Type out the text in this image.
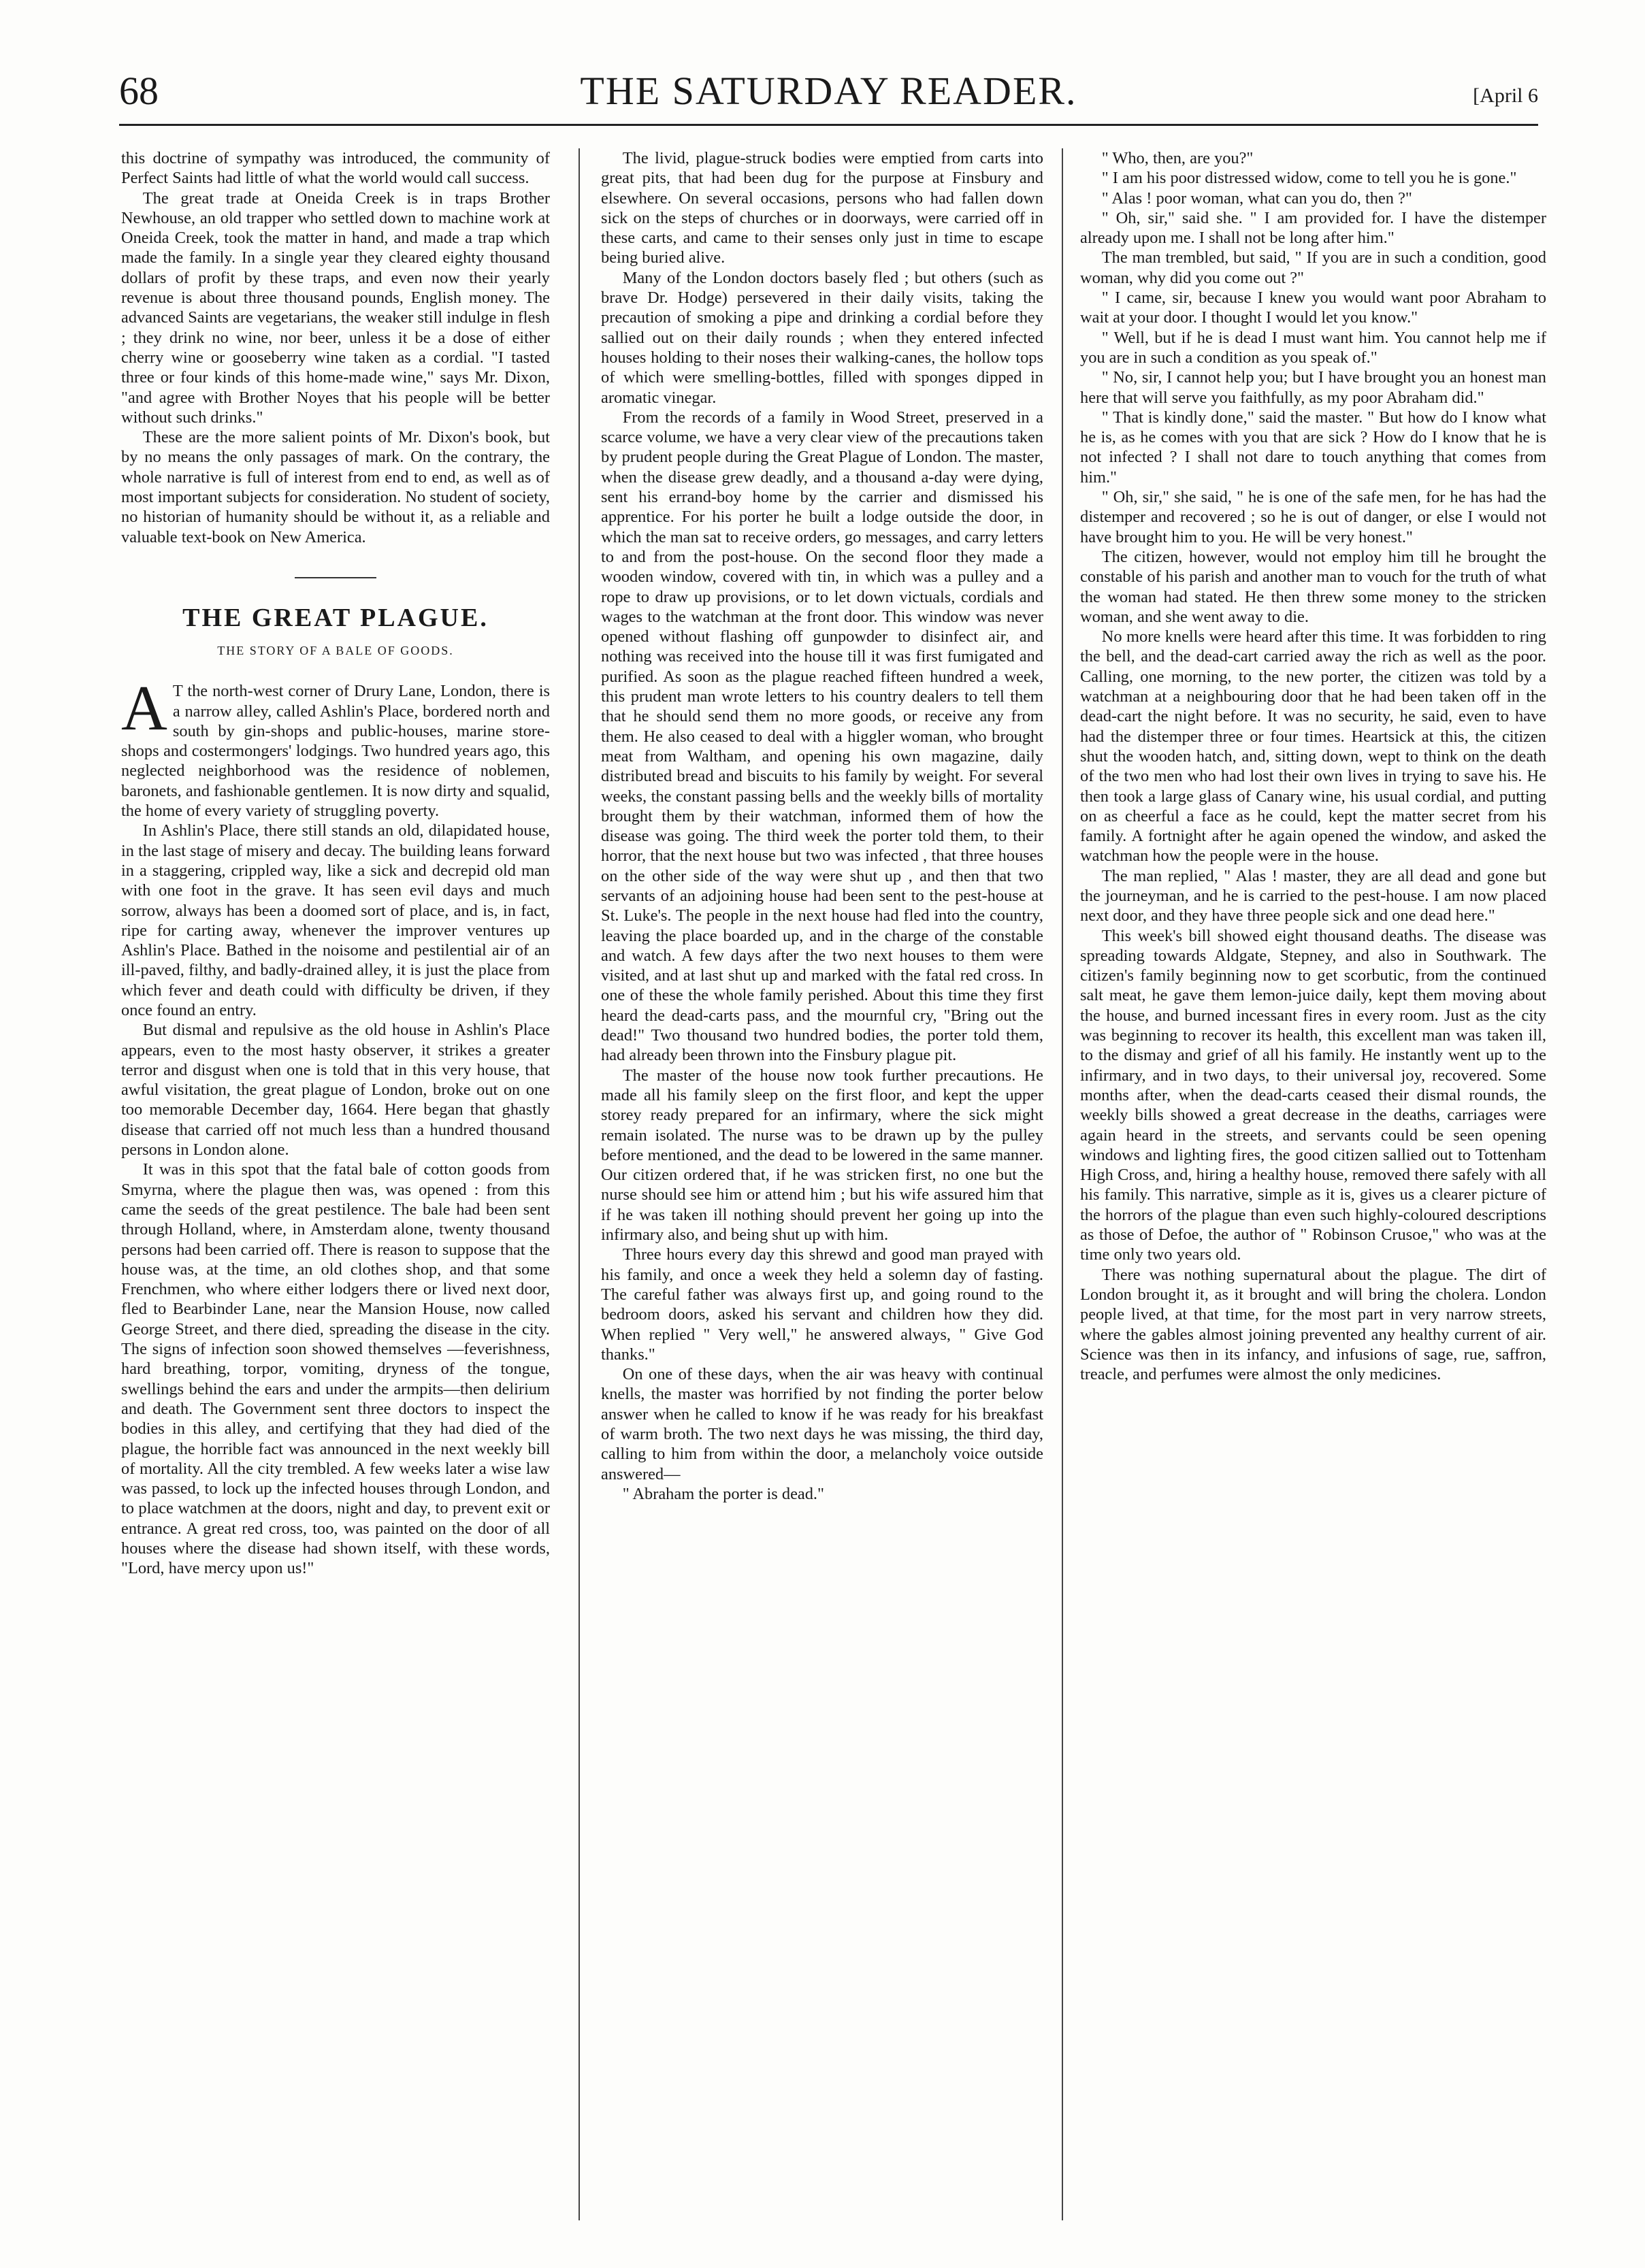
68	THE SATURDAY READER.	[April 6

this doctrine of sympathy was introduced, the community of Perfect Saints had little of what the world would call success.

The great trade at Oneida Creek is in traps Brother Newhouse, an old trapper who settled down to machine work at Oneida Creek, took the matter in hand, and made a trap which made the family. In a single year they cleared eighty thousand dollars of profit by these traps, and even now their yearly revenue is about three thousand pounds, English money. The advanced Saints are vegetarians, the weaker still indulge in flesh ; they drink no wine, nor beer, unless it be a dose of either cherry wine or gooseberry wine taken as a cordial. "I tasted three or four kinds of this home-made wine," says Mr. Dixon, "and agree with Brother Noyes that his people will be better without such drinks."

These are the more salient points of Mr. Dixon's book, but by no means the only passages of mark. On the contrary, the whole narrative is full of interest from end to end, as well as of most important subjects for consideration. No student of society, no historian of humanity should be without it, as a reliable and valuable text-book on New America.

THE GREAT PLAGUE.
THE STORY OF A BALE OF GOODS.

AT the north-west corner of Drury Lane, London, there is a narrow alley, called Ashlin's Place, bordered north and south by gin-shops and public-houses, marine store-shops and costermongers' lodgings. Two hundred years ago, this neglected neighborhood was the residence of noblemen, baronets, and fashionable gentlemen. It is now dirty and squalid, the home of every variety of struggling poverty.

In Ashlin's Place, there still stands an old, dilapidated house, in the last stage of misery and decay. The building leans forward in a staggering, crippled way, like a sick and decrepid old man with one foot in the grave. It has seen evil days and much sorrow, always has been a doomed sort of place, and is, in fact, ripe for carting away, whenever the improver ventures up Ashlin's Place. Bathed in the noisome and pestilential air of an ill-paved, filthy, and badly-drained alley, it is just the place from which fever and death could with difficulty be driven, if they once found an entry.

But dismal and repulsive as the old house in Ashlin's Place appears, even to the most hasty observer, it strikes a greater terror and disgust when one is told that in this very house, that awful visitation, the great plague of London, broke out on one too memorable December day, 1664. Here began that ghastly disease that carried off not much less than a hundred thousand persons in London alone.

It was in this spot that the fatal bale of cotton goods from Smyrna, where the plague then was, was opened : from this came the seeds of the great pestilence. The bale had been sent through Holland, where, in Amsterdam alone, twenty thousand persons had been carried off. There is reason to suppose that the house was, at the time, an old clothes shop, and that some Frenchmen, who where either lodgers there or lived next door, fled to Bearbinder Lane, near the Mansion House, now called George Street, and there died, spreading the disease in the city. The signs of infection soon showed themselves —feverishness, hard breathing, torpor, vomiting, dryness of the tongue, swellings behind the ears and under the armpits—then delirium and death. The Government sent three doctors to inspect the bodies in this alley, and certifying that they had died of the plague, the horrible fact was announced in the next weekly bill of mortality. All the city trembled. A few weeks later a wise law was passed, to lock up the infected houses through London, and to place watchmen at the doors, night and day, to prevent exit or entrance. A great red cross, too, was painted on the door of all houses where the disease had shown itself, with these words, "Lord, have mercy upon us!"

The livid, plague-struck bodies were emptied from carts into great pits, that had been dug for the purpose at Finsbury and elsewhere. On several occasions, persons who had fallen down sick on the steps of churches or in doorways, were carried off in these carts, and came to their senses only just in time to escape being buried alive.

Many of the London doctors basely fled ; but others (such as brave Dr. Hodge) persevered in their daily visits, taking the precaution of smoking a pipe and drinking a cordial before they sallied out on their daily rounds ; when they entered infected houses holding to their noses their walking-canes, the hollow tops of which were smelling-bottles, filled with sponges dipped in aromatic vinegar.

From the records of a family in Wood Street, preserved in a scarce volume, we have a very clear view of the precautions taken by prudent people during the Great Plague of London. The master, when the disease grew deadly, and a thousand a-day were dying, sent his errand-boy home by the carrier and dismissed his apprentice. For his porter he built a lodge outside the door, in which the man sat to receive orders, go messages, and carry letters to and from the post-house. On the second floor they made a wooden window, covered with tin, in which was a pulley and a rope to draw up provisions, or to let down victuals, cordials and wages to the watchman at the front door. This window was never opened without flashing off gunpowder to disinfect air, and nothing was received into the house till it was first fumigated and purified. As soon as the plague reached fifteen hundred a week, this prudent man wrote letters to his country dealers to tell them that he should send them no more goods, or receive any from them. He also ceased to deal with a higgler woman, who brought meat from Waltham, and opening his own magazine, daily distributed bread and biscuits to his family by weight. For several weeks, the constant passing bells and the weekly bills of mortality brought them by their watchman, informed them of how the disease was going. The third week the porter told them, to their horror, that the next house but two was infected , that three houses on the other side of the way were shut up , and then that two servants of an adjoining house had been sent to the pest-house at St. Luke's. The people in the next house had fled into the country, leaving the place boarded up, and in the charge of the constable and watch. A few days after the two next houses to them were visited, and at last shut up and marked with the fatal red cross. In one of these the whole family perished. About this time they first heard the dead-carts pass, and the mournful cry, "Bring out the dead!" Two thousand two hundred bodies, the porter told them, had already been thrown into the Finsbury plague pit.

The master of the house now took further precautions. He made all his family sleep on the first floor, and kept the upper storey ready prepared for an infirmary, where the sick might remain isolated. The nurse was to be drawn up by the pulley before mentioned, and the dead to be lowered in the same manner. Our citizen ordered that, if he was stricken first, no one but the nurse should see him or attend him ; but his wife assured him that if he was taken ill nothing should prevent her going up into the infirmary also, and being shut up with him.

Three hours every day this shrewd and good man prayed with his family, and once a week they held a solemn day of fasting. The careful father was always first up, and going round to the bedroom doors, asked his servant and children how they did. When replied " Very well," he answered always, " Give God thanks."

On one of these days, when the air was heavy with continual knells, the master was horrified by not finding the porter below answer when he called to know if he was ready for his breakfast of warm broth. The two next days he was missing, the third day, calling to him from within the door, a melancholy voice outside answered—

" Abraham the porter is dead."

" Who, then, are you?"

" I am his poor distressed widow, come to tell you he is gone."

" Alas ! poor woman, what can you do, then ?"

" Oh, sir," said she. " I am provided for. I have the distemper already upon me. I shall not be long after him."

The man trembled, but said, " If you are in such a condition, good woman, why did you come out ?"

" I came, sir, because I knew you would want poor Abraham to wait at your door. I thought I would let you know."

" Well, but if he is dead I must want him. You cannot help me if you are in such a condition as you speak of."

" No, sir, I cannot help you; but I have brought you an honest man here that will serve you faithfully, as my poor Abraham did."

" That is kindly done," said the master. " But how do I know what he is, as he comes with you that are sick ? How do I know that he is not infected ? I shall not dare to touch anything that comes from him."

" Oh, sir," she said, " he is one of the safe men, for he has had the distemper and recovered ; so he is out of danger, or else I would not have brought him to you. He will be very honest."

The citizen, however, would not employ him till he brought the constable of his parish and another man to vouch for the truth of what the woman had stated. He then threw some money to the stricken woman, and she went away to die.

No more knells were heard after this time. It was forbidden to ring the bell, and the dead-cart carried away the rich as well as the poor. Calling, one morning, to the new porter, the citizen was told by a watchman at a neighbouring door that he had been taken off in the dead-cart the night before. It was no security, he said, even to have had the distemper three or four times. Heartsick at this, the citizen shut the wooden hatch, and, sitting down, wept to think on the death of the two men who had lost their own lives in trying to save his. He then took a large glass of Canary wine, his usual cordial, and putting on as cheerful a face as he could, kept the matter secret from his family. A fortnight after he again opened the window, and asked the watchman how the people were in the house.

The man replied, " Alas ! master, they are all dead and gone but the journeyman, and he is carried to the pest-house. I am now placed next door, and they have three people sick and one dead here."

This week's bill showed eight thousand deaths. The disease was spreading towards Aldgate, Stepney, and also in Southwark. The citizen's family beginning now to get scorbutic, from the continued salt meat, he gave them lemon-juice daily, kept them moving about the house, and burned incessant fires in every room. Just as the city was beginning to recover its health, this excellent man was taken ill, to the dismay and grief of all his family. He instantly went up to the infirmary, and in two days, to their universal joy, recovered. Some months after, when the dead-carts ceased their dismal rounds, the weekly bills showed a great decrease in the deaths, carriages were again heard in the streets, and servants could be seen opening windows and lighting fires, the good citizen sallied out to Tottenham High Cross, and, hiring a healthy house, removed there safely with all his family. This narrative, simple as it is, gives us a clearer picture of the horrors of the plague than even such highly-coloured descriptions as those of Defoe, the author of " Robinson Crusoe," who was at the time only two years old.

There was nothing supernatural about the plague. The dirt of London brought it, as it brought and will bring the cholera. London people lived, at that time, for the most part in very narrow streets, where the gables almost joining prevented any healthy current of air. Science was then in its infancy, and infusions of sage, rue, saffron, treacle, and perfumes were almost the only medicines.
